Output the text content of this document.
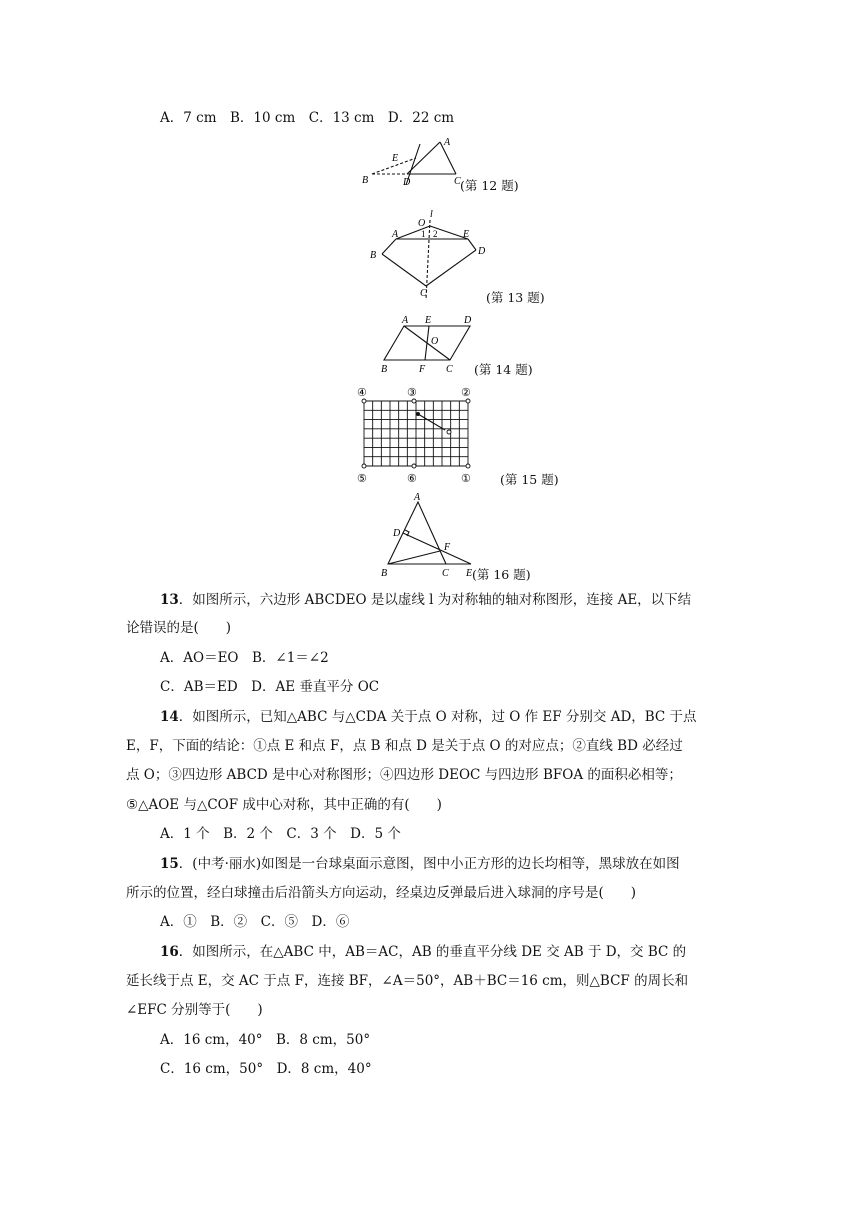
A．7 cm　B．10 cm　C．13 cm　D．22 cm
A
B	C
D
E
(第 12 题)
O
l
A
B
C
D
E
1 2
(第 13 题)
A
B	C
D
E
F
O
(第 14 题)
④	③	②
⑤	⑥	① (第 15 题)
A
B	C
D
E
F
(第 16 题)
13．如图所示，六边形 ABCDEO 是以虚线 l 为对称轴的轴对称图形，连接 AE，以下结
论错误的是(　　)
A．AO＝EO　B．∠1＝∠2
C．AB＝ED　D．AE 垂直平分 OC
14．如图所示，已知△ABC 与△CDA 关于点 O 对称，过 O 作 EF 分别交 AD，BC 于点
E，F，下面的结论：①点 E 和点 F，点 B 和点 D 是关于点 O 的对应点；②直线 BD 必经过
点 O；③四边形 ABCD 是中心对称图形；④四边形 DEOC 与四边形 BFOA 的面积必相等；
⑤△AOE 与△COF 成中心对称，其中正确的有(　　)
A．1 个　B．2 个　C．3 个　D．5 个
15．(中考·丽水)如图是一台球桌面示意图，图中小正方形的边长均相等，黑球放在如图
所示的位置，经白球撞击后沿箭头方向运动，经桌边反弹最后进入球洞的序号是(　　)
A．①　B．②　C．⑤　D．⑥
16．如图所示，在△ABC 中，AB＝AC，AB 的垂直平分线 DE 交 AB 于 D，交 BC 的
延长线于点 E，交 AC 于点 F，连接 BF，∠A＝50°，AB＋BC＝16 cm，则△BCF 的周长和
∠EFC 分别等于(　　)
A．16 cm，40°　B．8 cm，50°
C．16 cm，50°　D．8 cm，40°
